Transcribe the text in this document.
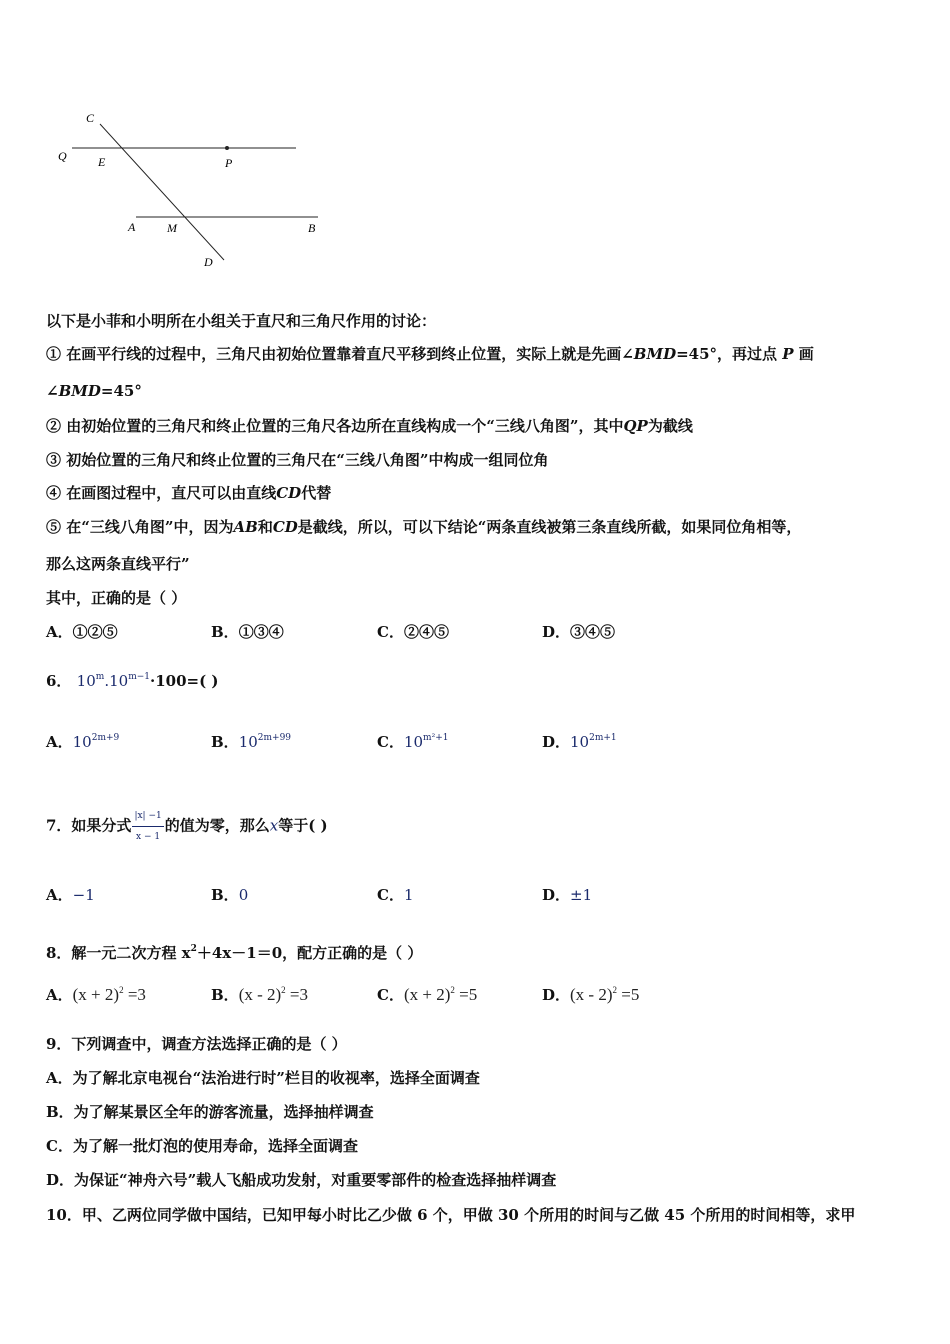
C
Q	E	P
A	M	B
D
以下是小菲和小明所在小组关于直尺和三角尺作用的讨论：
① 在画平行线的过程中，三角尺由初始位置靠着直尺平移到终止位置，实际上就是先画∠BMD=45°，再过点 P 画
∠BMD=45°
② 由初始位置的三角尺和终止位置的三角尺各边所在直线构成一个“三线八角图”，其中QP为截线
③ 初始位置的三角尺和终止位置的三角尺在“三线八角图”中构成一组同位角
④ 在画图过程中，直尺可以由直线CD代替
⑤ 在“三线八角图”中，因为AB和CD是截线，所以，可以下结论“两条直线被第三条直线所截，如果同位角相等，
那么这两条直线平行”
其中，正确的是（ ）
A．①②⑤	B．①③④	C．②④⑤	D．③④⑤
6． $10^m.10^{m-1}\cdot 100=$( )
A．$10^{2m+9}$	B．$10^{2m+99}$	C．$10^{m^2+1}$	D．$10^{2m+1}$
7．如果分式 $\frac{|x| -1}{x - 1}$ 的值为零，那么x等于( )
A．−1	B．0	C．1	D．±1
8．解一元二次方程 $x^2+4x-1=0$，配方正确的是（ ）
A．$(x + 2)^2 =3$	B．(x - 2)$^2$ =3	C．$(x + 2)^2 =5$	D．(x - 2)$^2$ =5
9．下列调查中，调查方法选择正确的是（ ）
A．为了解北京电视台“法治进行时”栏目的收视率，选择全面调查
B．为了解某景区全年的游客流量，选择抽样调查
C．为了解一批灯泡的使用寿命，选择全面调查
D．为保证“神舟六号”载人飞船成功发射，对重要零部件的检查选择抽样调查
10．甲、乙两位同学做中国结，已知甲每小时比乙少做 6 个，甲做 30 个所用的时间与乙做 45 个所用的时间相等，求甲
